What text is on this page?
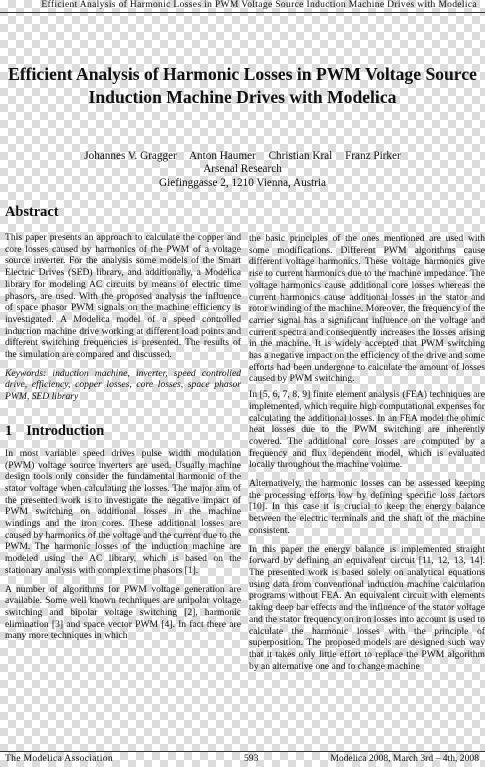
Efficient Analysis of Harmonic Losses in PWM Voltage Source Induction Machine Drives with Modelica
Efficient Analysis of Harmonic Losses in PWM Voltage Source
Induction Machine Drives with Modelica
Johannes V. Gragger Anton Haumer Christian Kral Franz Pirker
Arsenal Research
Giefinggasse 2, 1210 Vienna, Austria
Abstract

This paper presents an approach to calculate the copper and core losses caused by harmonics of the PWM of a voltage source inverter. For the analysis some models of the Smart Electric Drives (SED) library, and additionally, a Modelica library for modeling AC circuits by means of electric time phasors, are used. With the proposed analysis the influence of space phasor PWM signals on the machine efficiency is investigated. A Modelica model of a speed controlled induction machine drive working at different load points and different switching frequencies is presented. The results of the simulation are compared and discussed.

Keywords: induction machine, inverter, speed controlled drive, efficiency, copper losses, core losses, space phasor PWM, SED library

1 Introduction

In most variable speed drives pulse width modulation (PWM) voltage source inverters are used. Usually machine design tools only consider the fundamental harmonic of the stator voltage when calculating the losses. The major aim of the presented work is to investigate the negative impact of PWM switching on additional losses in the machine windings and the iron cores. These additional losses are caused by harmonics of the voltage and the current due to the PWM. The harmonic losses of the induction machine are modeled using the AC library, which is based on the stationary analysis with complex time phasors [1].

A number of algorithms for PWM voltage generation are available. Some well known techniques are unipolar voltage switching and bipolar voltage switching [2], harmonic elimination [3] and space vector PWM [4]. In fact there are many more techniques in which

the basic principles of the ones mentioned are used with some modifications. Different PWM algorithms cause different voltage harmonics. These voltage harmonics give rise to current harmonics due to the machine impedance. The voltage harmonics cause additional core losses whereas the current harmonics cause additional losses in the stator and rotor winding of the machine. Moreover, the frequency of the carrier signal has a significant influence on the voltage and current spectra and consequently increases the losses arising in the machine. It is widely accepted that PWM switching has a negative impact on the efficiency of the drive and some efforts had been undergone to calculate the amount of losses caused by PWM switching.

In [5, 6, 7, 8, 9] finite element analysis (FEA) techniques are implemented, which require high computational expenses for calculating the additional losses. In an FEA model the ohmic heat losses due to the PWM switching are inherently covered. The additional core losses are computed by a frequency and flux dependent model, which is evaluated locally throughout the machine volume.

Alternatively, the harmonic losses can be assessed keeping the processing efforts low by defining specific loss factors [10]. In this case it is crucial to keep the energy balance between the electric terminals and the shaft of the machine consistent.

In this paper the energy balance is implemented straight forward by defining an equivalent circuit [11, 12, 13, 14]. The presented work is based solely on analytical equations using data from conventional induction machine calculation programs without FEA. An equivalent circuit with elements taking deep bar effects and the influence of the stator voltage and the stator frequency on iron losses into account is used to calculate the harmonic losses with the principle of superposition. The proposed models are designed such way that it takes only little effort to replace the PWM algorithm by an alternative one and to change machine

The Modelica Association	593	Modelica 2008, March 3rd – 4th, 2008
